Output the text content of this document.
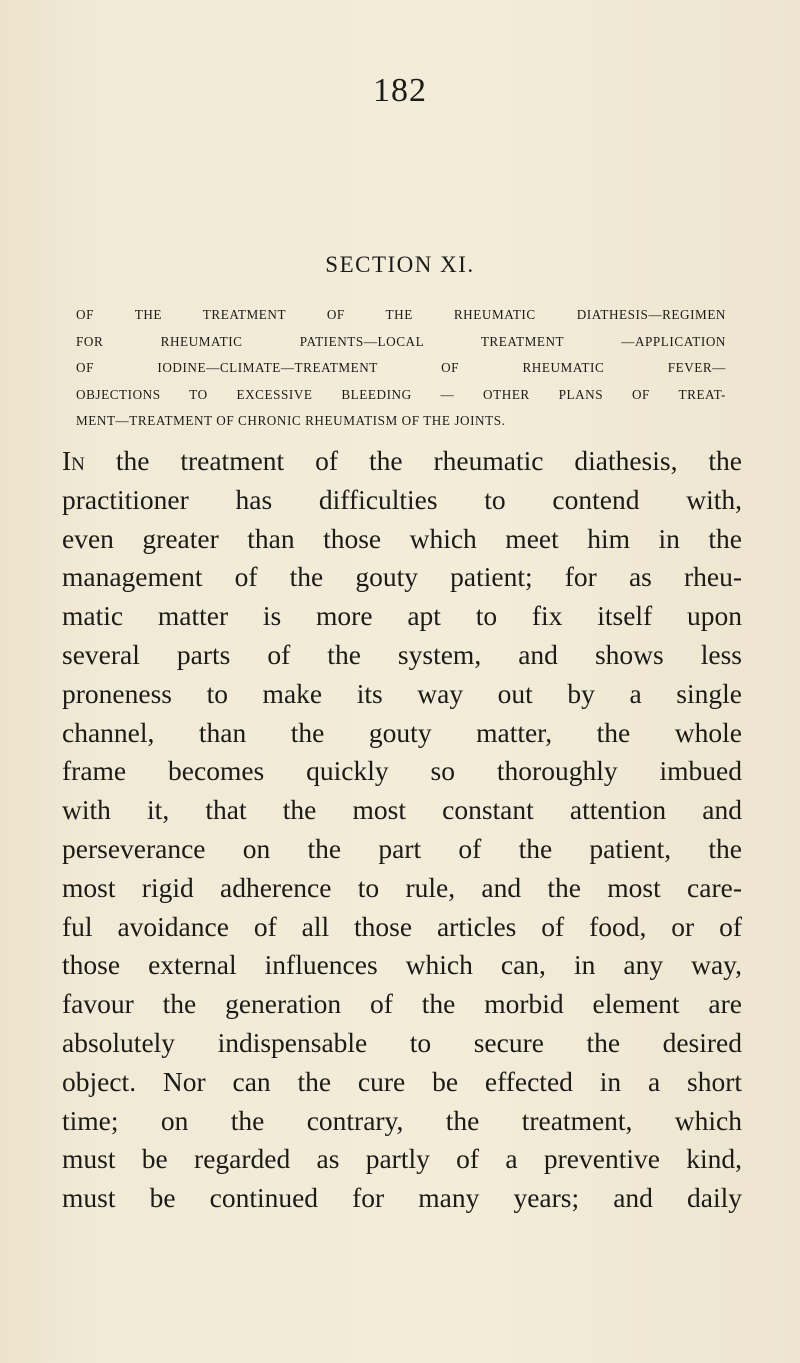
182
SECTION XI.
OF THE TREATMENT OF THE RHEUMATIC DIATHESIS—REGIMEN
FOR RHEUMATIC PATIENTS—LOCAL TREATMENT —APPLICATION
OF IODINE—CLIMATE—TREATMENT OF RHEUMATIC FEVER—
OBJECTIONS TO EXCESSIVE BLEEDING — OTHER PLANS OF TREAT-
MENT—TREATMENT OF CHRONIC RHEUMATISM OF THE JOINTS.
In the treatment of the rheumatic diathesis, the
practitioner has difficulties to contend with,
even greater than those which meet him in the
management of the gouty patient; for as rheu-
matic matter is more apt to fix itself upon
several parts of the system, and shows less
proneness to make its way out by a single
channel, than the gouty matter, the whole
frame becomes quickly so thoroughly imbued
with it, that the most constant attention and
perseverance on the part of the patient, the
most rigid adherence to rule, and the most care-
ful avoidance of all those articles of food, or of
those external influences which can, in any way,
favour the generation of the morbid element are
absolutely indispensable to secure the desired
object. Nor can the cure be effected in a short
time; on the contrary, the treatment, which
must be regarded as partly of a preventive kind,
must be continued for many years; and daily
